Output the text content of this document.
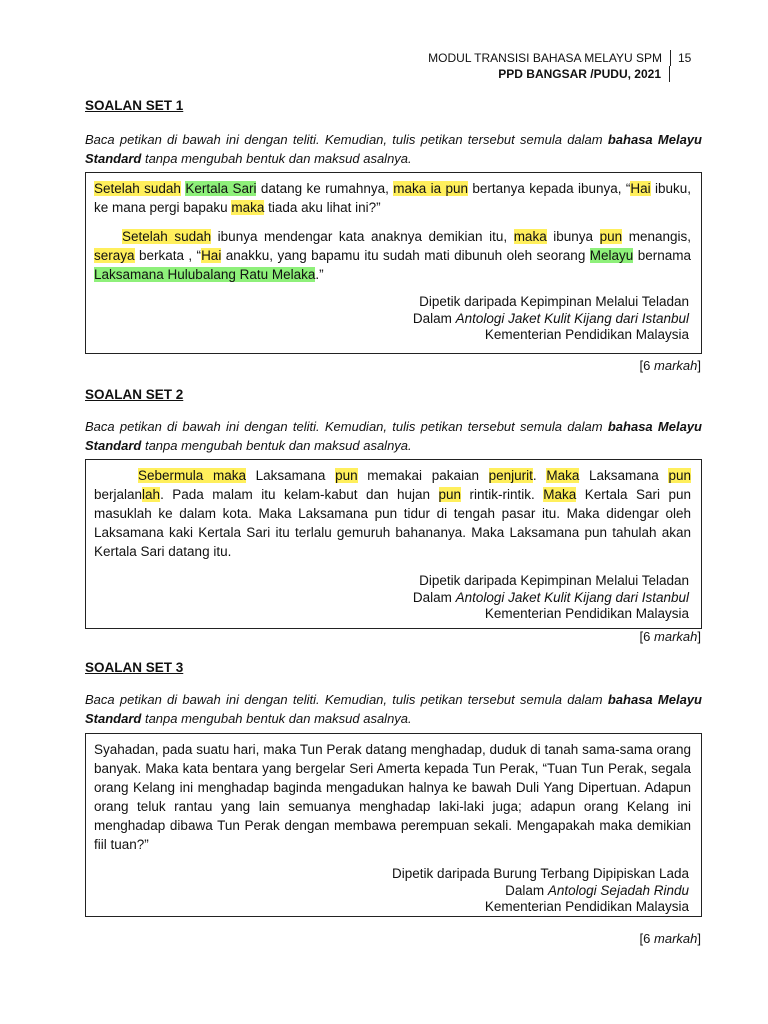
MODUL TRANSISI BAHASA MELAYU SPM	15
PPD BANGSAR /PUDU, 2021
SOALAN SET 1
Baca petikan di bawah ini dengan teliti. Kemudian, tulis petikan tersebut semula dalam bahasa Melayu Standard tanpa mengubah bentuk dan maksud asalnya.

Setelah sudah Kertala Sari datang ke rumahnya, maka ia pun bertanya kepada ibunya, “Hai ibuku, ke mana pergi bapaku maka tiada aku lihat ini?”

Setelah sudah ibunya mendengar kata anaknya demikian itu, maka ibunya pun menangis, seraya berkata , “Hai anakku, yang bapamu itu sudah mati dibunuh oleh seorang Melayu bernama Laksamana Hulubalang Ratu Melaka.”

Dipetik daripada Kepimpinan Melalui Teladan
Dalam Antologi Jaket Kulit Kijang dari Istanbul
Kementerian Pendidikan Malaysia
[6 markah]
SOALAN SET 2
Baca petikan di bawah ini dengan teliti. Kemudian, tulis petikan tersebut semula dalam bahasa Melayu Standard tanpa mengubah bentuk dan maksud asalnya.

Sebermula maka Laksamana pun memakai pakaian penjurit. Maka Laksamana pun berjalanlah. Pada malam itu kelam-kabut dan hujan pun rintik-rintik. Maka Kertala Sari pun masuklah ke dalam kota. Maka Laksamana pun tidur di tengah pasar itu. Maka didengar oleh Laksamana kaki Kertala Sari itu terlalu gemuruh bahananya. Maka Laksamana pun tahulah akan Kertala Sari datang itu.

Dipetik daripada Kepimpinan Melalui Teladan
Dalam Antologi Jaket Kulit Kijang dari Istanbul
Kementerian Pendidikan Malaysia
[6 markah]
SOALAN SET 3
Baca petikan di bawah ini dengan teliti. Kemudian, tulis petikan tersebut semula dalam bahasa Melayu Standard tanpa mengubah bentuk dan maksud asalnya.

Syahadan, pada suatu hari, maka Tun Perak datang menghadap, duduk di tanah sama-sama orang banyak. Maka kata bentara yang bergelar Seri Amerta kepada Tun Perak, “Tuan Tun Perak, segala orang Kelang ini menghadap baginda mengadukan halnya ke bawah Duli Yang Dipertuan. Adapun orang teluk rantau yang lain semuanya menghadap laki-laki juga; adapun orang Kelang ini menghadap dibawa Tun Perak dengan membawa perempuan sekali. Mengapakah maka demikian fiil tuan?”

Dipetik daripada Burung Terbang Dipipiskan Lada
Dalam Antologi Sejadah Rindu
Kementerian Pendidikan Malaysia
[6 markah]
